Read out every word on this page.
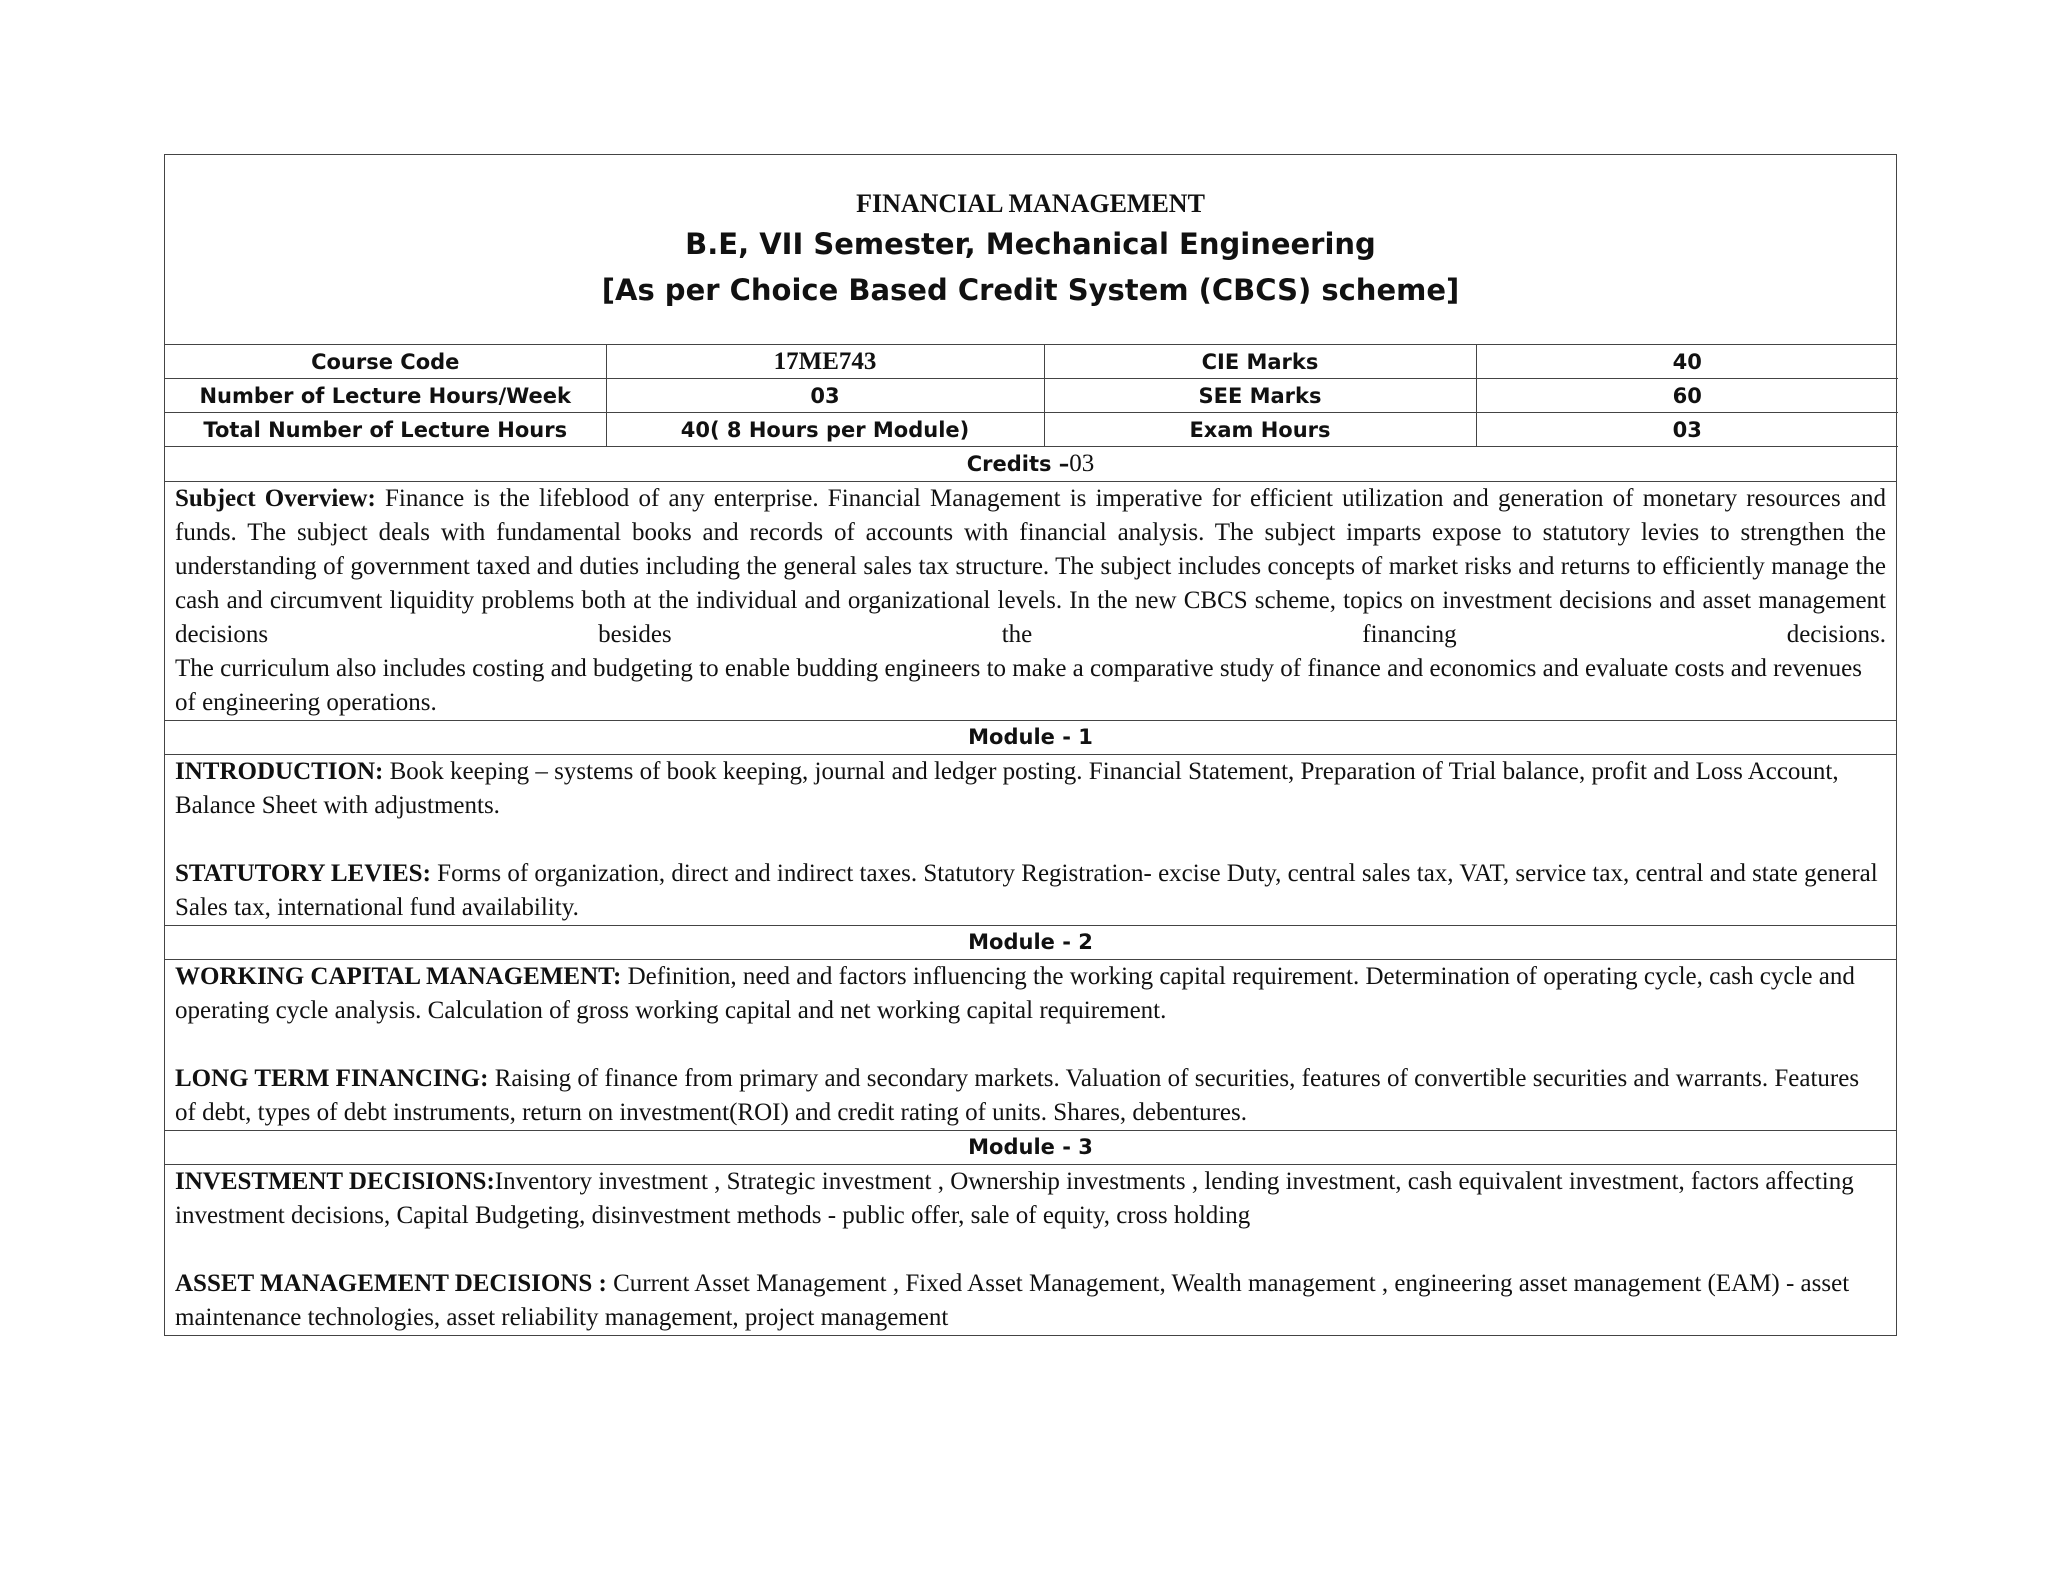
FINANCIAL MANAGEMENT
B.E, VII Semester, Mechanical Engineering
[As per Choice Based Credit System (CBCS) scheme]
Course Code	17ME743	CIE Marks	40
Number of Lecture Hours/Week	03	SEE Marks	60
Total Number of Lecture Hours	40( 8 Hours per Module)	Exam Hours	03
Credits –03
Subject Overview: Finance is the lifeblood of any enterprise. Financial Management is imperative for efficient utilization and generation of monetary resources and funds. The subject deals with fundamental books and records of accounts with financial analysis. The subject imparts expose to statutory levies to strengthen the understanding of government taxed and duties including the general sales tax structure. The subject includes concepts of market risks and returns to efficiently manage the cash and circumvent liquidity problems both at the individual and organizational levels. In the new CBCS scheme, topics on investment decisions and asset management decisions besides the financing decisions.
The curriculum also includes costing and budgeting to enable budding engineers to make a comparative study of finance and economics and evaluate costs and revenues of engineering operations.
Module - 1
INTRODUCTION: Book keeping – systems of book keeping, journal and ledger posting. Financial Statement, Preparation of Trial balance, profit and Loss Account, Balance Sheet with adjustments.
STATUTORY LEVIES: Forms of organization, direct and indirect taxes. Statutory Registration- excise Duty, central sales tax, VAT, service tax, central and state general Sales tax, international fund availability.
Module - 2
WORKING CAPITAL MANAGEMENT: Definition, need and factors influencing the working capital requirement. Determination of operating cycle, cash cycle and operating cycle analysis. Calculation of gross working capital and net working capital requirement.
LONG TERM FINANCING: Raising of finance from primary and secondary markets. Valuation of securities, features of convertible securities and warrants. Features of debt, types of debt instruments, return on investment(ROI) and credit rating of units. Shares, debentures.
Module - 3
INVESTMENT DECISIONS:Inventory investment , Strategic investment , Ownership investments , lending investment, cash equivalent investment, factors affecting investment decisions, Capital Budgeting, disinvestment methods - public offer, sale of equity, cross holding
ASSET MANAGEMENT DECISIONS : Current Asset Management , Fixed Asset Management, Wealth management , engineering asset management (EAM) - asset maintenance technologies, asset reliability management, project management
